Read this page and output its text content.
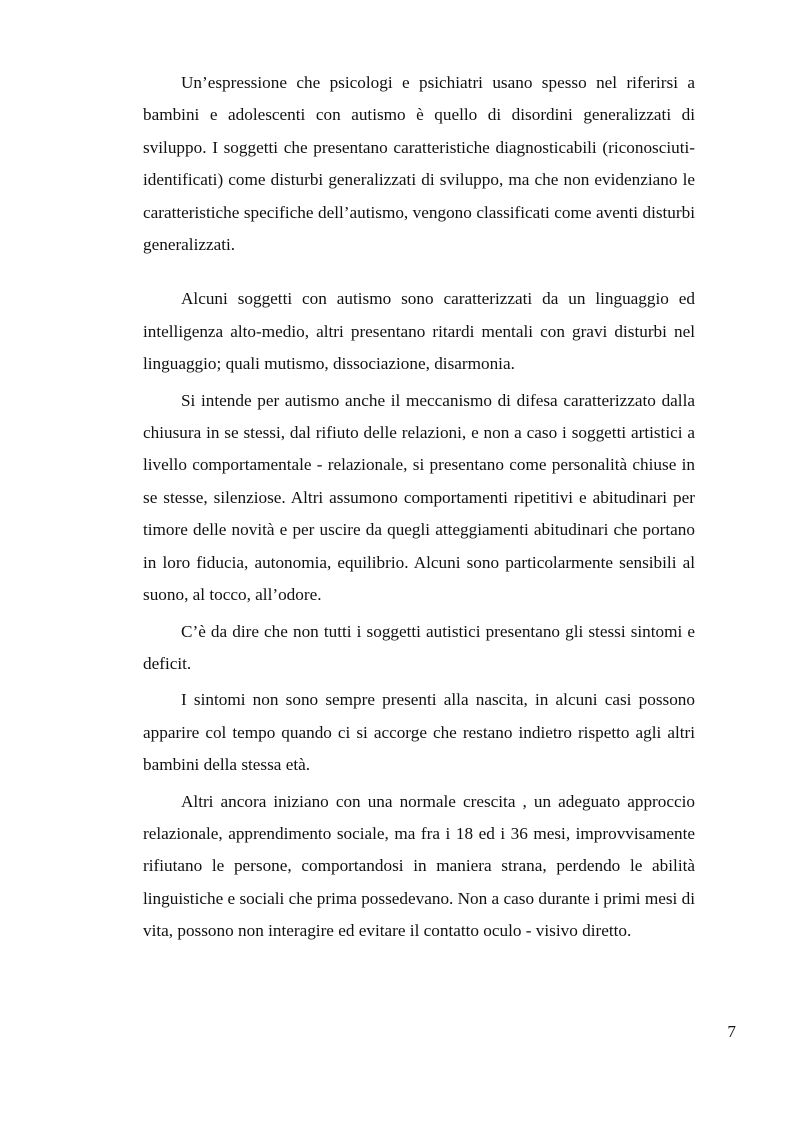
Un’espressione che psicologi e psichiatri usano spesso nel riferirsi a bambini e adolescenti con autismo è quello di disordini generalizzati di sviluppo. I soggetti che presentano caratteristiche diagnosticabili (riconosciuti- identificati) come disturbi generalizzati di sviluppo, ma che non evidenziano le caratteristiche specifiche dell’autismo, vengono classificati come aventi disturbi generalizzati.

Alcuni soggetti con autismo sono caratterizzati da un linguaggio ed intelligenza alto-medio, altri presentano ritardi mentali con gravi disturbi nel linguaggio; quali mutismo, dissociazione, disarmonia.

Si intende per autismo anche il meccanismo di difesa caratterizzato dalla chiusura in se stessi, dal rifiuto delle relazioni, e non a caso i soggetti artistici a livello comportamentale - relazionale, si presentano come personalità chiuse in se stesse, silenziose. Altri assumono comportamenti ripetitivi e abitudinari per timore delle novità e per uscire da quegli atteggiamenti abitudinari che portano in loro fiducia, autonomia, equilibrio. Alcuni sono particolarmente sensibili al suono, al tocco, all’odore.

C’è da dire che non tutti i soggetti autistici presentano gli stessi sintomi e deficit.

I sintomi non sono sempre presenti alla nascita, in alcuni casi possono apparire col tempo quando ci si accorge che restano indietro rispetto agli altri bambini della stessa età.

Altri ancora iniziano con una normale crescita , un adeguato approccio relazionale, apprendimento sociale, ma fra i 18 ed i 36 mesi, improvvisamente rifiutano le persone, comportandosi in maniera strana, perdendo le abilità linguistiche e sociali che prima possedevano. Non a caso durante i primi mesi di vita, possono non interagire ed evitare il contatto oculo - visivo diretto.

7
